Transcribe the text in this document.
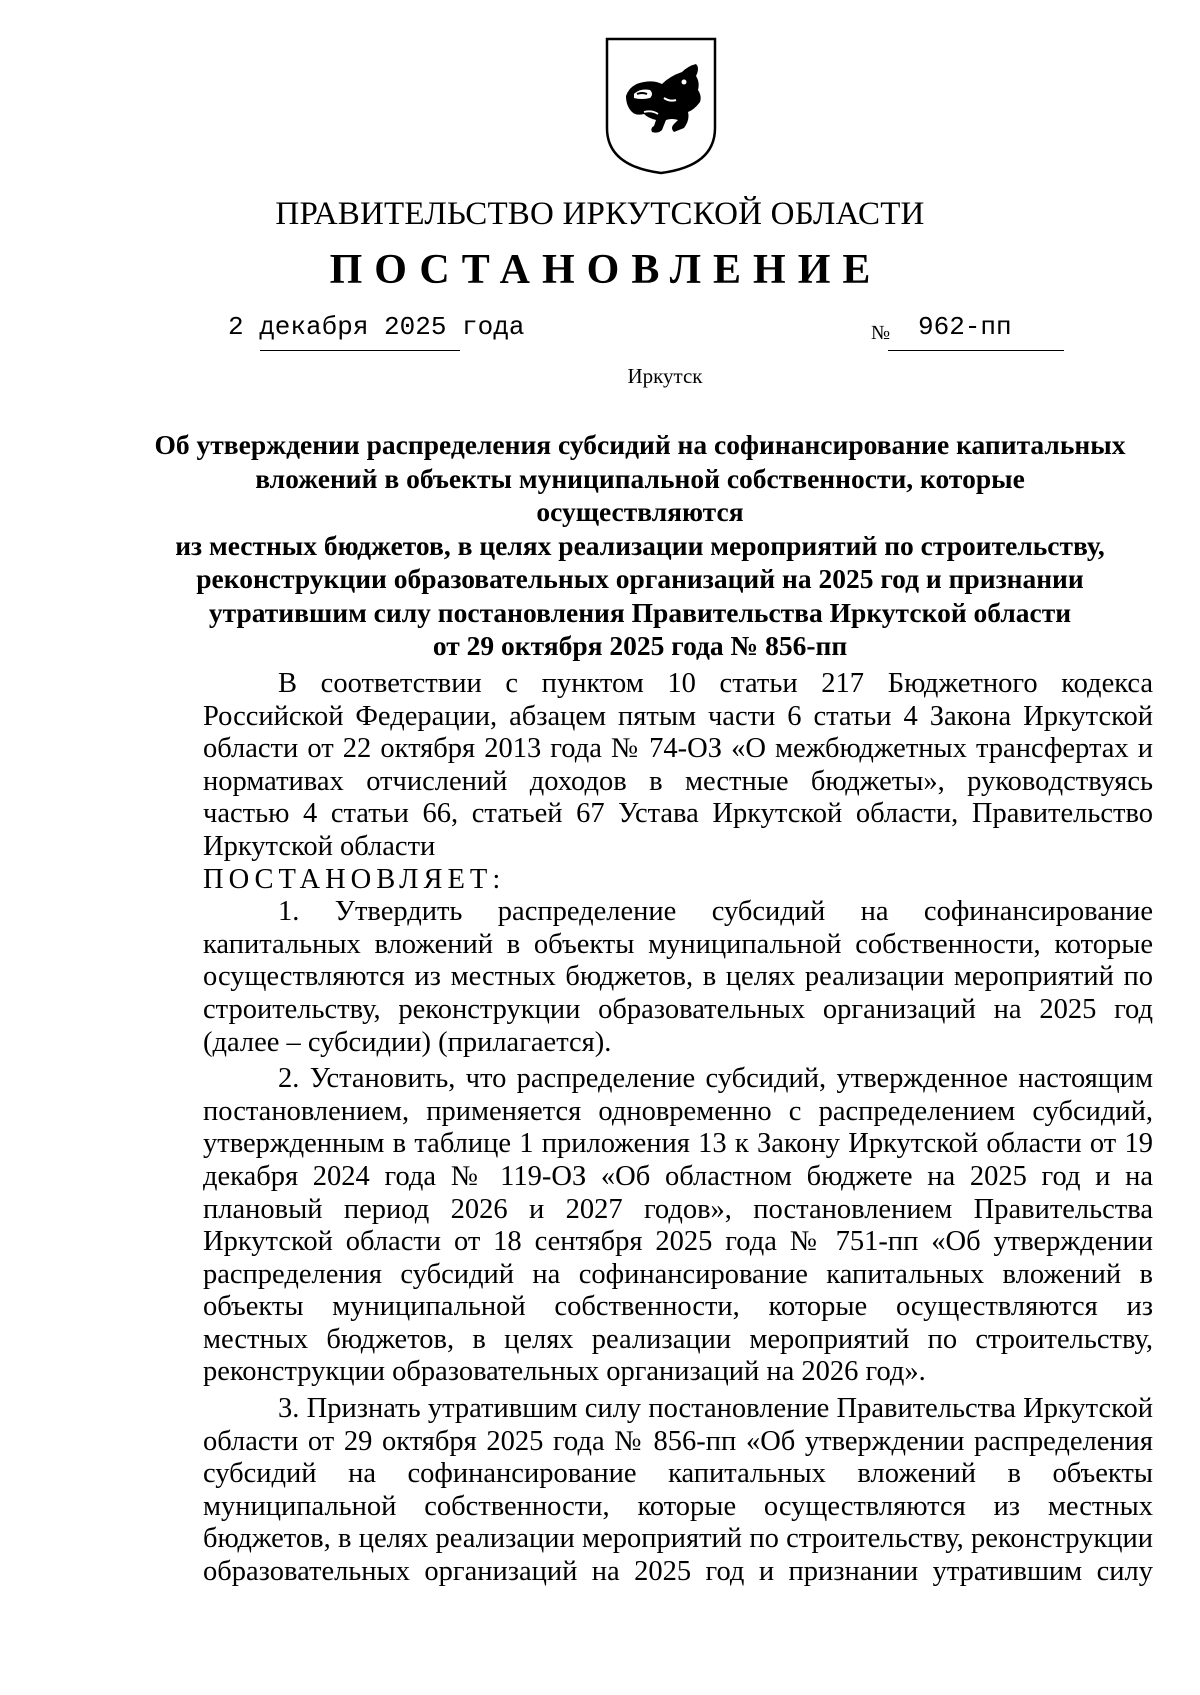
ПРАВИТЕЛЬСТВО ИРКУТСКОЙ ОБЛАСТИ
ПОСТАНОВЛЕНИЕ
2 декабря 2025 года	№ 962-пп
Иркутск
Об утверждении распределения субсидий на софинансирование капитальных
вложений в объекты муниципальной собственности, которые осуществляются
из местных бюджетов, в целях реализации мероприятий по строительству,
реконструкции образовательных организаций на 2025 год и признании
утратившим силу постановления Правительства Иркутской области
от 29 октября 2025 года № 856-пп

В соответствии с пунктом 10 статьи 217 Бюджетного кодекса Российской Федерации, абзацем пятым части 6 статьи 4 Закона Иркутской области от 22 октября 2013 года № 74-ОЗ «О межбюджетных трансфертах и нормативах отчислений доходов в местные бюджеты», руководствуясь частью 4 статьи 66, статьей 67 Устава Иркутской области, Правительство Иркутской области

ПОСТАНОВЛЯЕТ:

1. Утвердить распределение субсидий на софинансирование капитальных вложений в объекты муниципальной собственности, которые осуществляются из местных бюджетов, в целях реализации мероприятий по строительству, реконструкции образовательных организаций на 2025 год (далее – субсидии) (прилагается).

2. Установить, что распределение субсидий, утвержденное настоящим постановлением, применяется одновременно с распределением субсидий, утвержденным в таблице 1 приложения 13 к Закону Иркутской области от 19 декабря 2024 года № 119-ОЗ «Об областном бюджете на 2025 год и на плановый период 2026 и 2027 годов», постановлением Правительства Иркутской области от 18 сентября 2025 года № 751-пп «Об утверждении распределения субсидий на софинансирование капитальных вложений в объекты муниципальной собственности, которые осуществляются из местных бюджетов, в целях реализации мероприятий по строительству, реконструкции образовательных организаций на 2026 год».

3. Признать утратившим силу постановление Правительства Иркутской области от 29 октября 2025 года № 856-пп «Об утверждении распределения субсидий на софинансирование капитальных вложений в объекты муниципальной собственности, которые осуществляются из местных бюджетов, в целях реализации мероприятий по строительству, реконструкции образовательных организаций на 2025 год и признании утратившим силу
